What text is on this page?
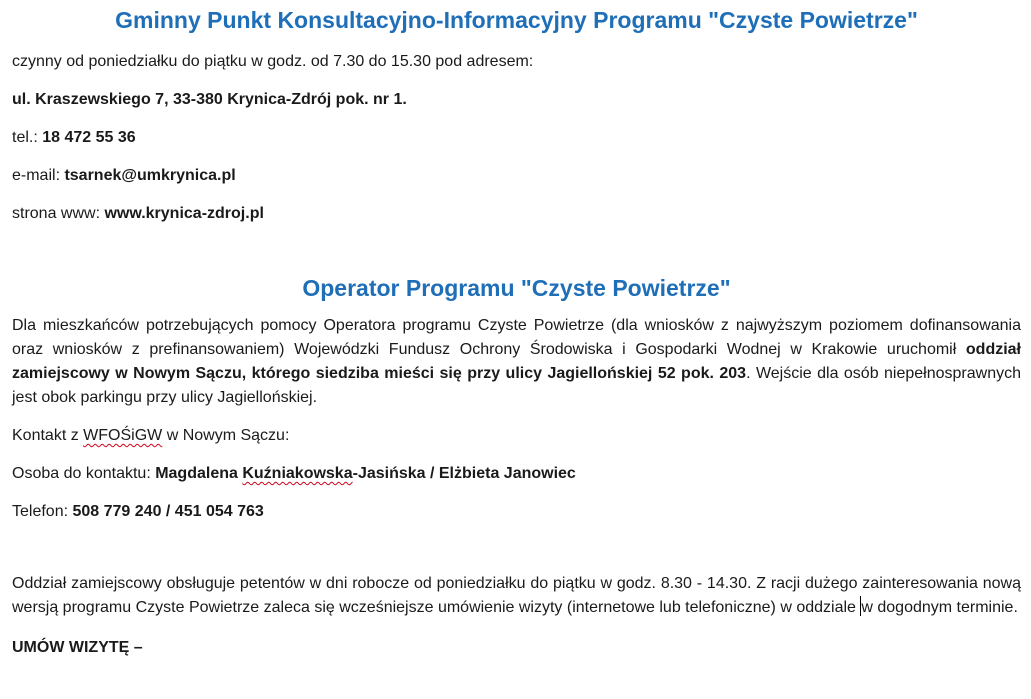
Gminny Punkt Konsultacyjno-Informacyjny Programu "Czyste Powietrze"

czynny od poniedziałku do piątku w godz. od 7.30 do 15.30 pod adresem:

ul. Kraszewskiego 7, 33-380 Krynica-Zdrój pok. nr 1.

tel.: 18 472 55 36

e-mail: tsarnek@umkrynica.pl

strona www: www.krynica-zdroj.pl

Operator Programu "Czyste Powietrze"

Dla mieszkańców potrzebujących pomocy Operatora programu Czyste Powietrze (dla wniosków z najwyższym poziomem dofinansowania oraz wniosków z prefinansowaniem) Wojewódzki Fundusz Ochrony Środowiska i Gospodarki Wodnej w Krakowie uruchomił oddział zamiejscowy w Nowym Sączu, którego siedziba mieści się przy ulicy Jagiellońskiej 52 pok. 203. Wejście dla osób niepełnosprawnych jest obok parkingu przy ulicy Jagiellońskiej.

Kontakt z WFOŚiGW w Nowym Sączu:

Osoba do kontaktu: Magdalena Kuźniakowska-Jasińska / Elżbieta Janowiec

Telefon: 508 779 240 / 451 054 763

Oddział zamiejscowy obsługuje petentów w dni robocze od poniedziałku do piątku w godz. 8.30 - 14.30. Z racji dużego zainteresowania nową wersją programu Czyste Powietrze zaleca się wcześniejsze umówienie wizyty (internetowe lub telefoniczne) w oddziale w dogodnym terminie.

UMÓW WIZYTĘ –
